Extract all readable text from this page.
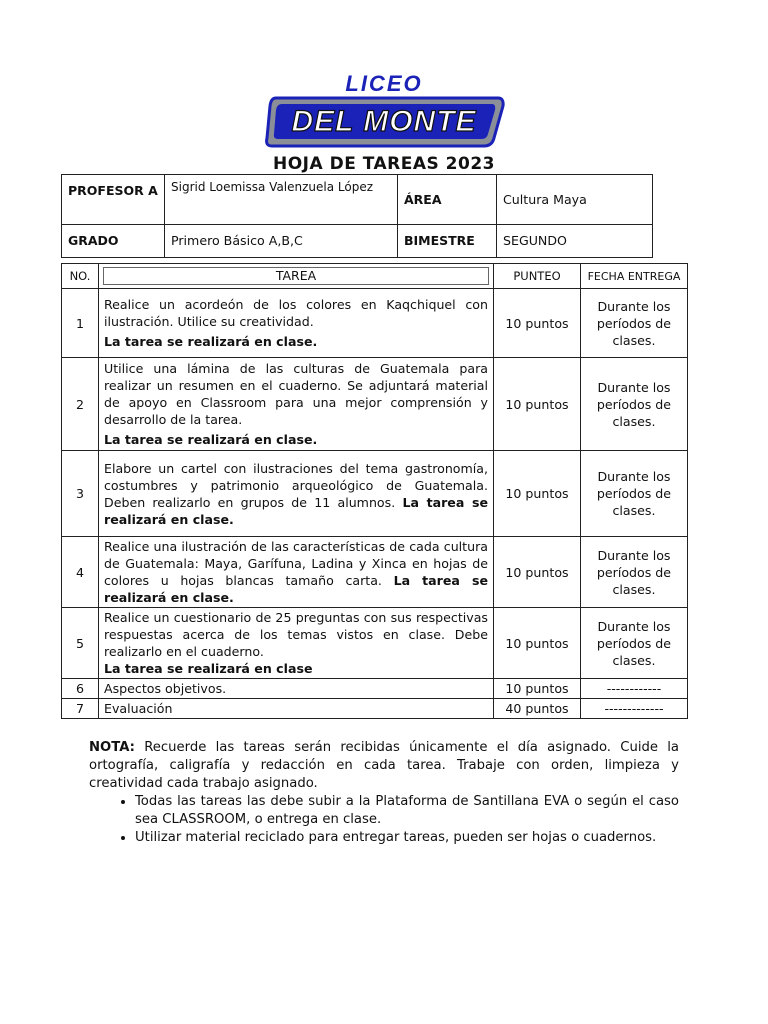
LICEO
DEL MONTE
HOJA DE TAREAS 2023
PROFESOR A	Sigrid Loemissa Valenzuela López	ÁREA	Cultura Maya
GRADO	Primero Básico A,B,C	BIMESTRE	SEGUNDO
NO.	TAREA	PUNTEO	FECHA ENTREGA
1	Realice un acordeón de los colores en Kaqchiquel con ilustración. Utilice su creatividad.
La tarea se realizará en clase.	10 puntos	Durante los períodos de clases.
2	Utilice una lámina de las culturas de Guatemala para realizar un resumen en el cuaderno. Se adjuntará material de apoyo en Classroom para una mejor comprensión y desarrollo de la tarea.
La tarea se realizará en clase.	10 puntos	Durante los períodos de clases.
3	Elabore un cartel con ilustraciones del tema gastronomía, costumbres y patrimonio arqueológico de Guatemala. Deben realizarlo en grupos de 11 alumnos. La tarea se realizará en clase.	10 puntos	Durante los períodos de clases.
4	Realice una ilustración de las características de cada cultura de Guatemala: Maya, Garífuna, Ladina y Xinca en hojas de colores u hojas blancas tamaño carta. La tarea se realizará en clase.	10 puntos	Durante los períodos de clases.
5	Realice un cuestionario de 25 preguntas con sus respectivas respuestas acerca de los temas vistos en clase. Debe realizarlo en el cuaderno.
La tarea se realizará en clase	10 puntos	Durante los períodos de clases.
6	Aspectos objetivos.	10 puntos	------------
7	Evaluación	40 puntos	-------------
NOTA: Recuerde las tareas serán recibidas únicamente el día asignado. Cuide la ortografía, caligrafía y redacción en cada tarea. Trabaje con orden, limpieza y creatividad cada trabajo asignado.
• Todas las tareas las debe subir a la Plataforma de Santillana EVA o según el caso sea CLASSROOM, o entrega en clase.
• Utilizar material reciclado para entregar tareas, pueden ser hojas o cuadernos.
